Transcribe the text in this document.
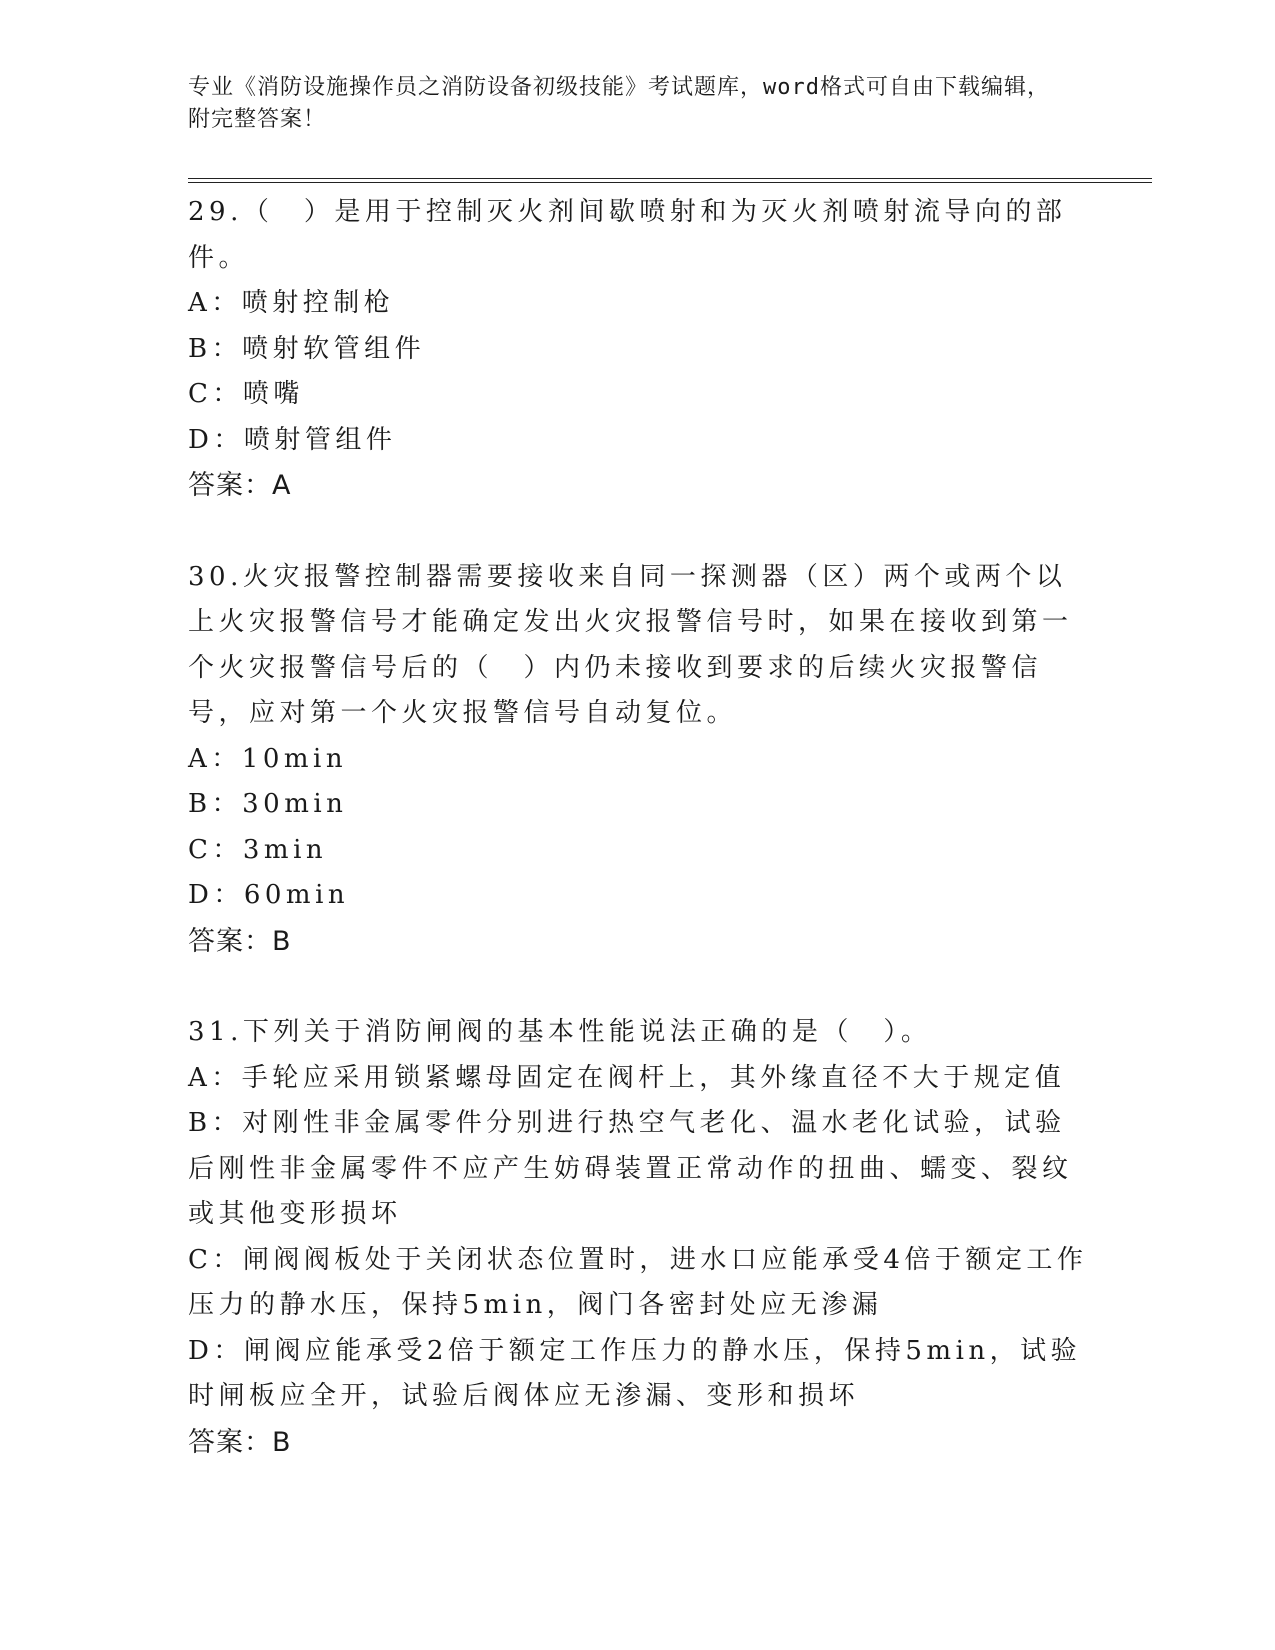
专业《消防设施操作员之消防设备初级技能》考试题库，word格式可自由下载编辑，附完整答案！
29.（　）是用于控制灭火剂间歇喷射和为灭火剂喷射流导向的部件。
A：喷射控制枪
B：喷射软管组件
C：喷嘴
D：喷射管组件
答案：A
30.火灾报警控制器需要接收来自同一探测器（区）两个或两个以上火灾报警信号才能确定发出火灾报警信号时，如果在接收到第一个火灾报警信号后的（　）内仍未接收到要求的后续火灾报警信号，应对第一个火灾报警信号自动复位。
A：10min
B：30min
C：3min
D：60min
答案：B
31.下列关于消防闸阀的基本性能说法正确的是（　）。
A：手轮应采用锁紧螺母固定在阀杆上，其外缘直径不大于规定值
B：对刚性非金属零件分别进行热空气老化、温水老化试验，试验后刚性非金属零件不应产生妨碍装置正常动作的扭曲、蠕变、裂纹或其他变形损坏
C：闸阀阀板处于关闭状态位置时，进水口应能承受4倍于额定工作压力的静水压，保持5min，阀门各密封处应无渗漏
D：闸阀应能承受2倍于额定工作压力的静水压，保持5min，试验时闸板应全开，试验后阀体应无渗漏、变形和损坏
答案：B
